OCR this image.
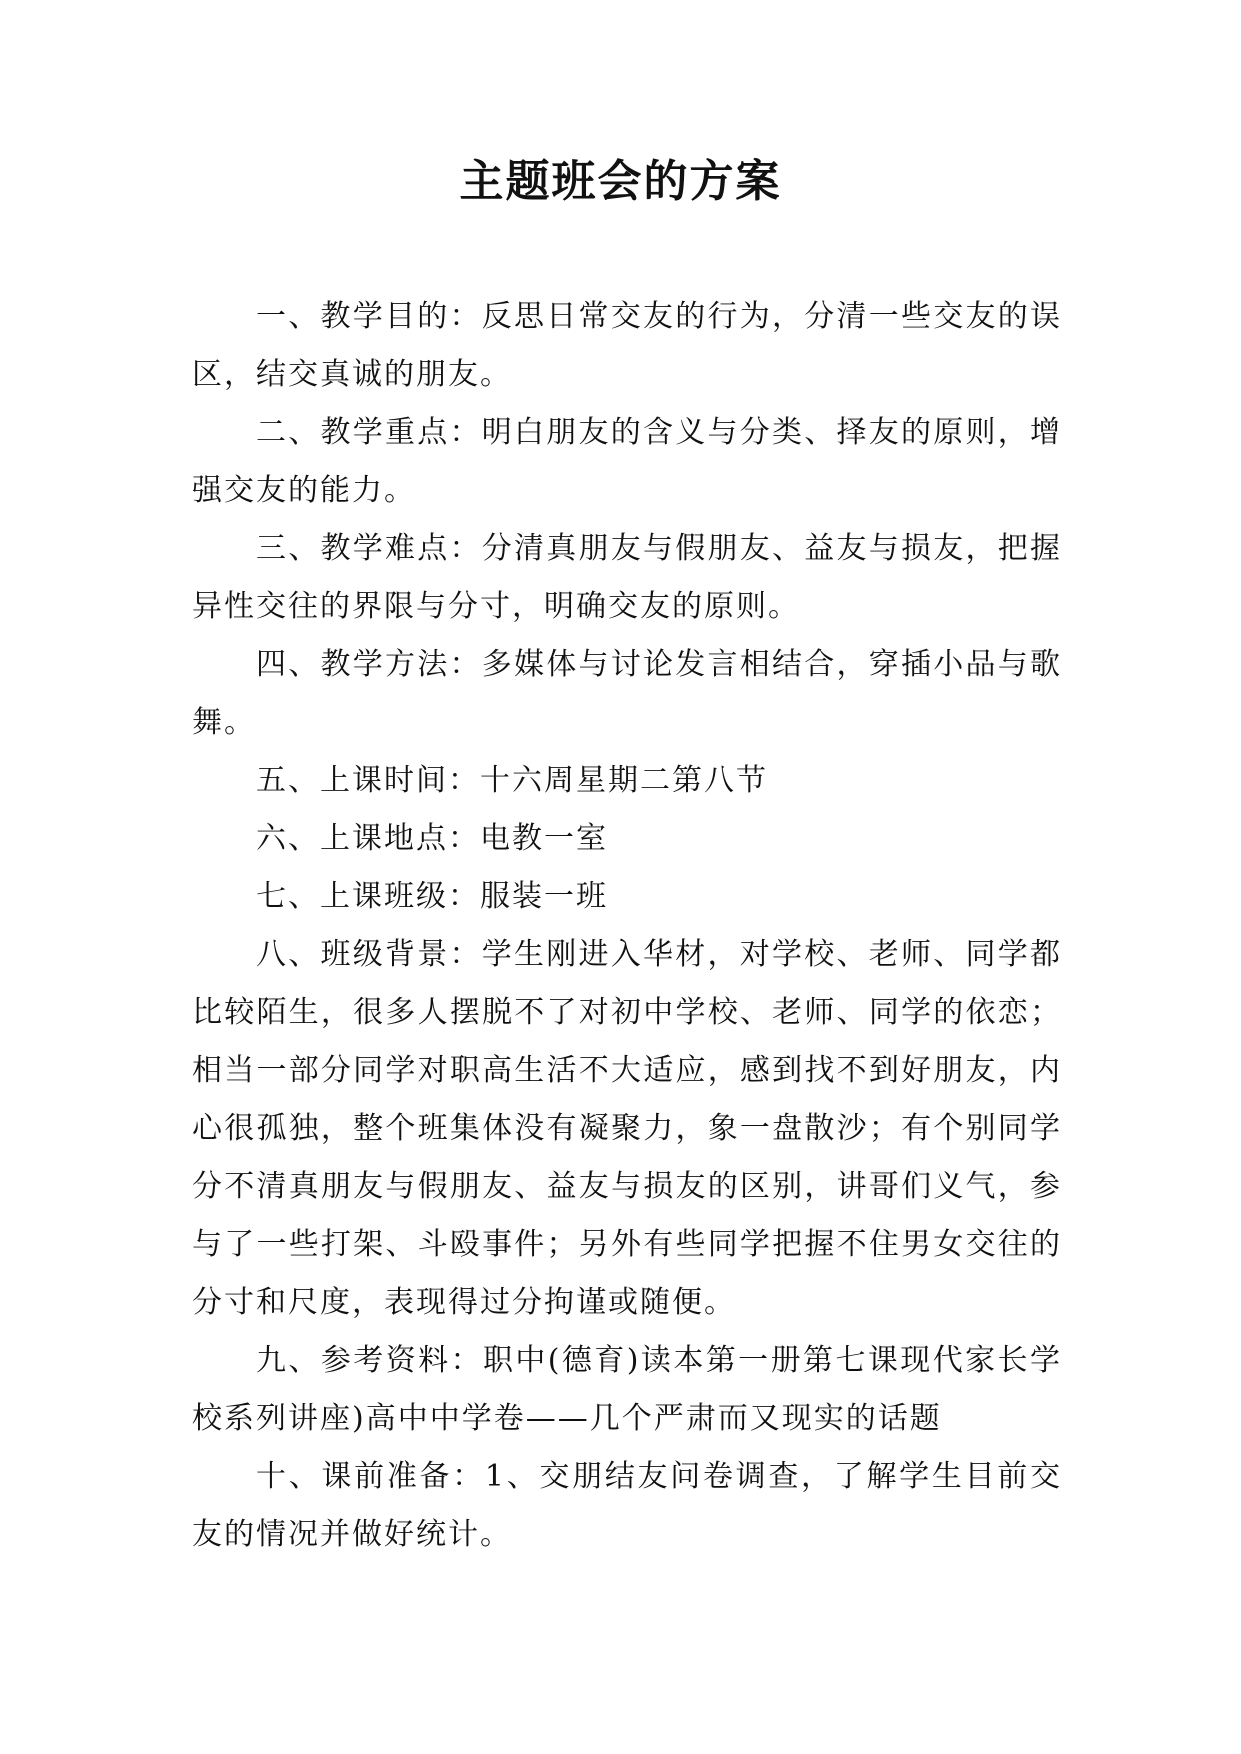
主题班会的方案

一、教学目的：反思日常交友的行为，分清一些交友的误区，结交真诚的朋友。

二、教学重点：明白朋友的含义与分类、择友的原则，增强交友的能力。

三、教学难点：分清真朋友与假朋友、益友与损友，把握异性交往的界限与分寸，明确交友的原则。

四、教学方法：多媒体与讨论发言相结合，穿插小品与歌舞。

五、上课时间：十六周星期二第八节

六、上课地点：电教一室

七、上课班级：服装一班

八、班级背景：学生刚进入华材，对学校、老师、同学都比较陌生，很多人摆脱不了对初中学校、老师、同学的依恋；相当一部分同学对职高生活不大适应，感到找不到好朋友，内心很孤独，整个班集体没有凝聚力，象一盘散沙；有个别同学分不清真朋友与假朋友、益友与损友的区别，讲哥们义气，参与了一些打架、斗殴事件；另外有些同学把握不住男女交往的分寸和尺度，表现得过分拘谨或随便。

九、参考资料：职中(德育)读本第一册第七课现代家长学校系列讲座)高中中学卷——几个严肃而又现实的话题

十、课前准备：1、交朋结友问卷调查，了解学生目前交友的情况并做好统计。
